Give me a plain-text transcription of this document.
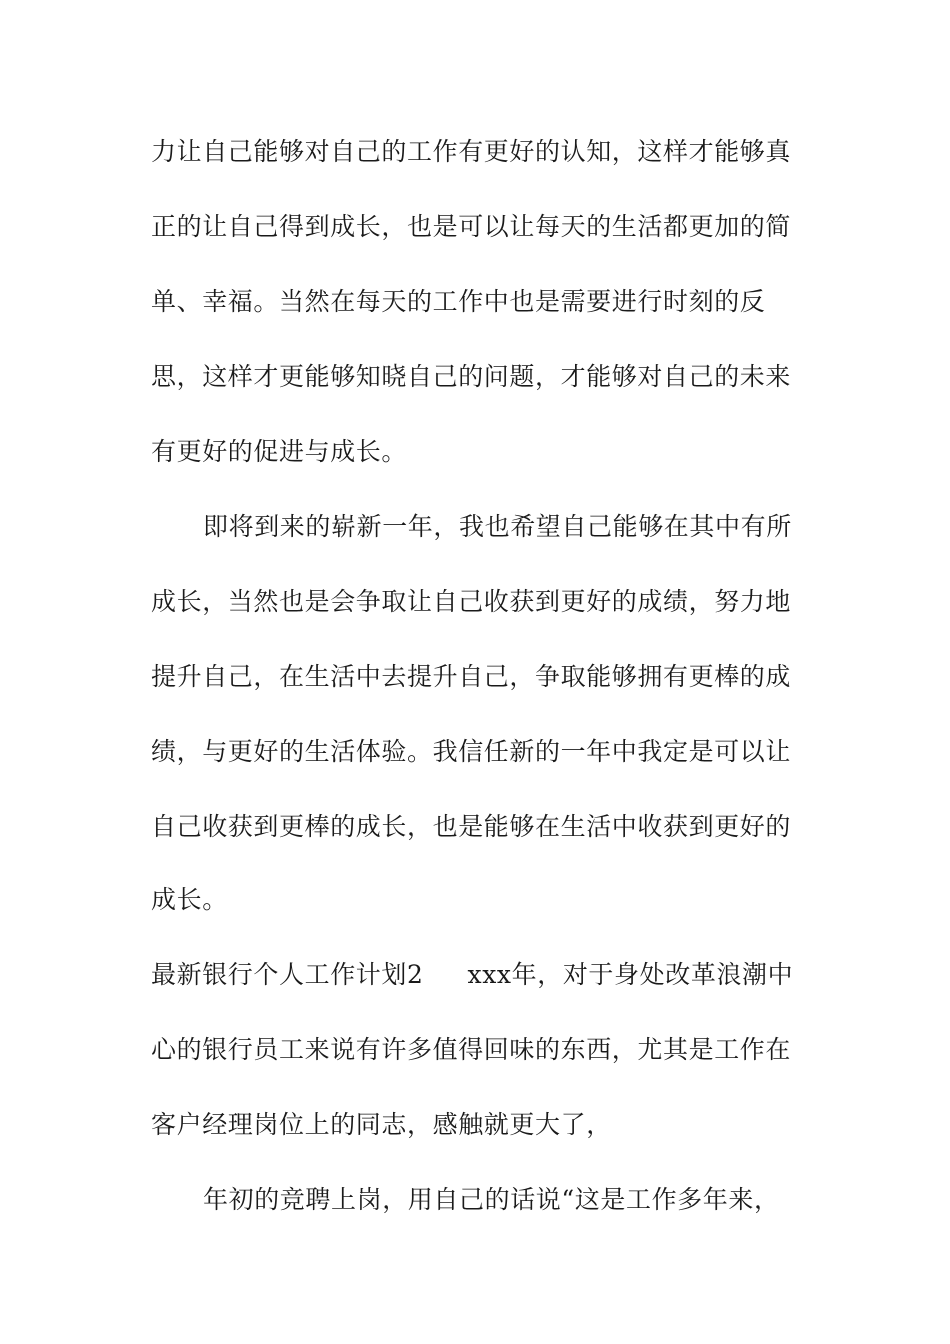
力让自己能够对自己的工作有更好的认知，这样才能够真
正的让自己得到成长，也是可以让每天的生活都更加的简
单、幸福。当然在每天的工作中也是需要进行时刻的反
思，这样才更能够知晓自己的问题，才能够对自己的未来
有更好的促进与成长。
即将到来的崭新一年，我也希望自己能够在其中有所
成长，当然也是会争取让自己收获到更好的成绩，努力地
提升自己，在生活中去提升自己，争取能够拥有更棒的成
绩，与更好的生活体验。我信任新的一年中我定是可以让
自己收获到更棒的成长，也是能够在生活中收获到更好的
成长。
最新银行个人工作计划2 xxx年，对于身处改革浪潮中
心的银行员工来说有许多值得回味的东西，尤其是工作在
客户经理岗位上的同志，感触就更大了，
年初的竞聘上岗，用自己的话说“这是工作多年来，
